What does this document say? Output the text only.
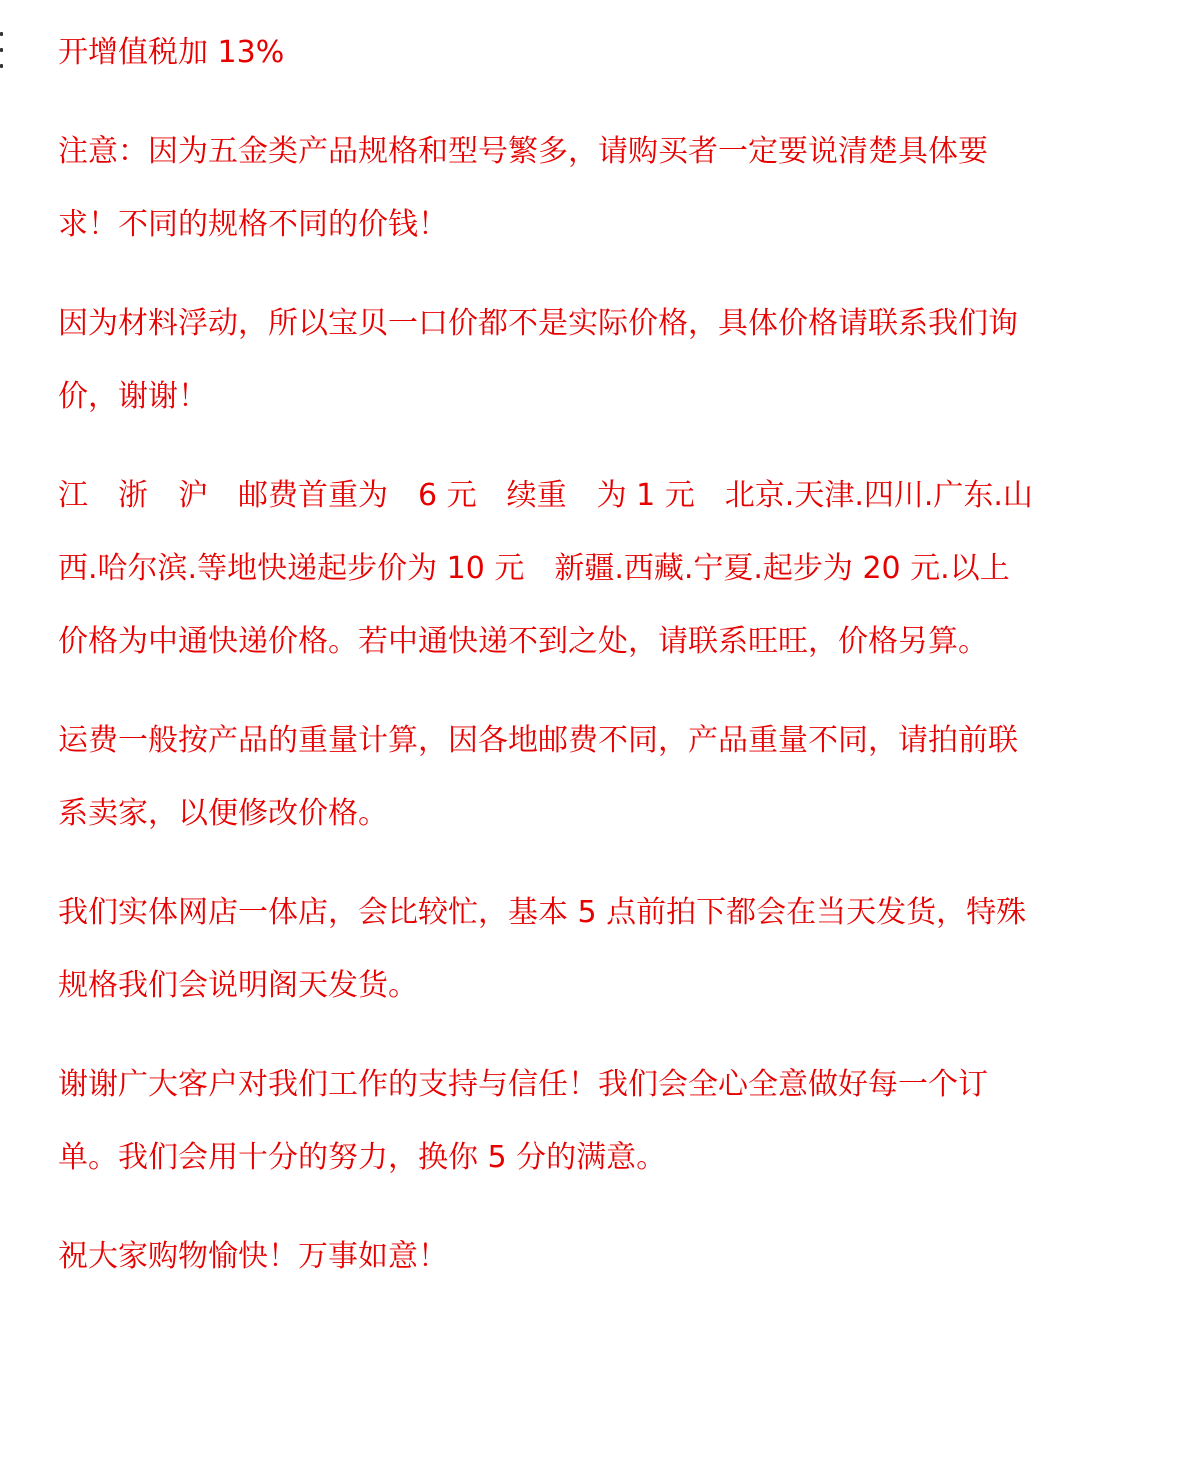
开增值税加 13%

注意：因为五金类产品规格和型号繁多，请购买者一定要说清楚具体要求！不同的规格不同的价钱！

因为材料浮动，所以宝贝一口价都不是实际价格，具体价格请联系我们询价，谢谢！

江　浙　沪　邮费首重为　6 元　续重　为 1 元　北京.天津.四川.广东.山西.哈尔滨.等地快递起步价为 10 元　新疆.西藏.宁夏.起步为 20 元.以上价格为中通快递价格。若中通快递不到之处，请联系旺旺，价格另算。

运费一般按产品的重量计算，因各地邮费不同，产品重量不同，请拍前联系卖家，以便修改价格。

我们实体网店一体店，会比较忙，基本 5 点前拍下都会在当天发货，特殊规格我们会说明阁天发货。

谢谢广大客户对我们工作的支持与信任！我们会全心全意做好每一个订单。我们会用十分的努力，换你 5 分的满意。

祝大家购物愉快！万事如意！
